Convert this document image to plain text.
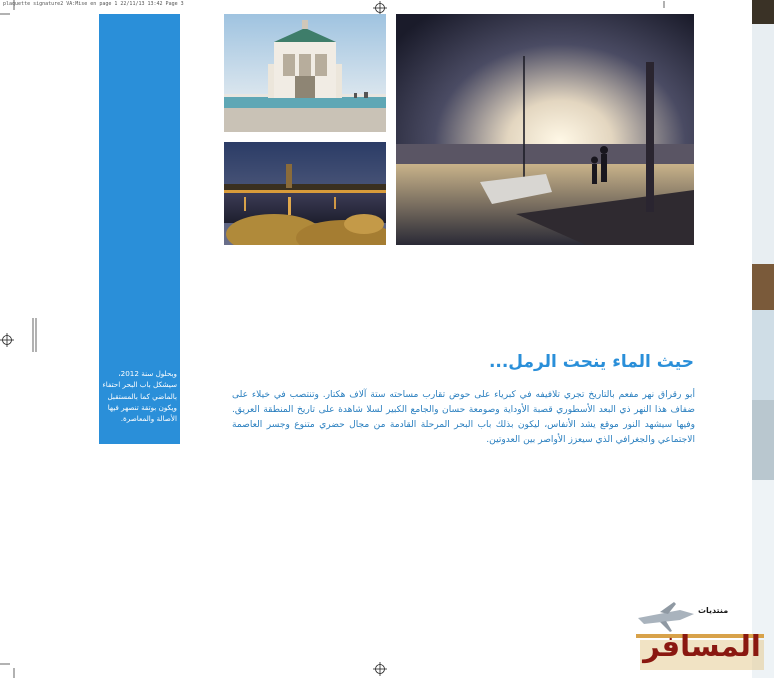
plaquette signature2 VA:Mise en page 1 22/11/13 13:42 Page 3
وبحلول سنة 2012، سيشكل باب البحر احتفاء بالماضي كما بالمستقبل ويكون بوتقة تنصهر فيها الأصالة والمعاصرة.
حيث الماء ينحت الرمل...
أبو رقراق نهر مفعم بالتاريخ تجري تلافيفه في كبرياء على حوض تقارب مساحته ستة آلاف هكتار. وتنتصب في خيلاء على ضفاف هذا النهر ذي البعد الأسطوري قصبة الأوداية وصومعة حسان والجامع الكبير لسلا شاهدة على تاريخ المنطقة العريق. وفيها سيشهد النور موقع يشد الأنفاس، ليكون بذلك باب البحر المرحلة القادمة من مجال حضري متنوع وجسر العاصمة الاجتماعي والجغرافي الذي سيعزز الأواصر بين العدوتين.
منتديات
المسافر
